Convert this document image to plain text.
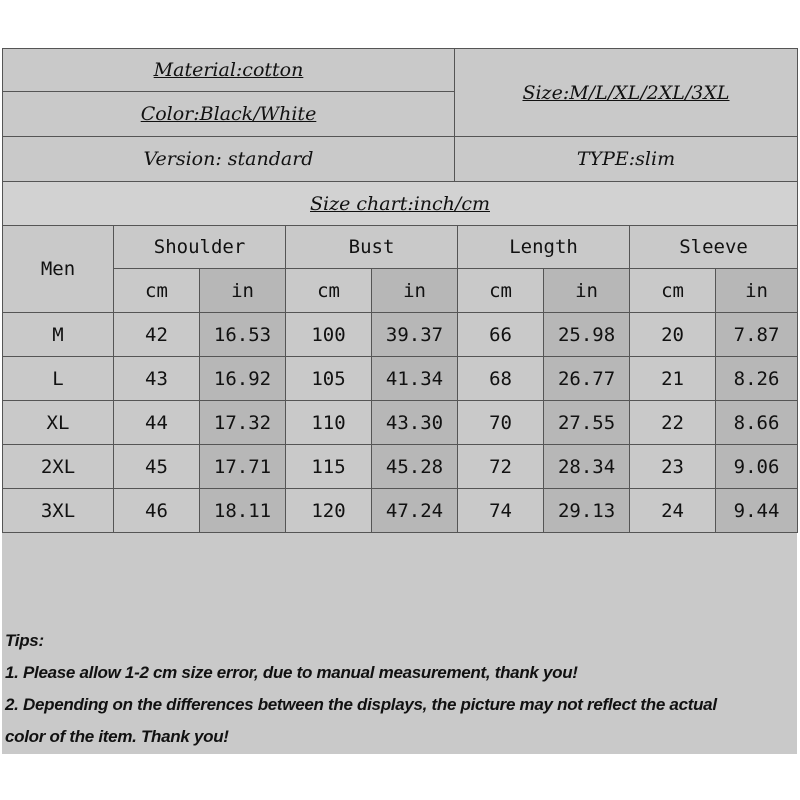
Material:cotton	Size:M/L/XL/2XL/3XL
Color:Black/White	
Version: standard	TYPE:slim
Size chart:inch/cm	
Men	Shoulder		Bust		Length		Sleeve	
	cm	in	cm	in	cm	in	cm	in
M	42	16.53	100	39.37	66	25.98	20	7.87
L	43	16.92	105	41.34	68	26.77	21	8.26
XL	44	17.32	110	43.30	70	27.55	22	8.66
2XL	45	17.71	115	45.28	72	28.34	23	9.06
3XL	46	18.11	120	47.24	74	29.13	24	9.44
Tips:
1. Please allow 1-2 cm size error, due to manual measurement, thank you!
2. Depending on the differences between the displays, the picture may not reflect the actual
color of the item. Thank you!
